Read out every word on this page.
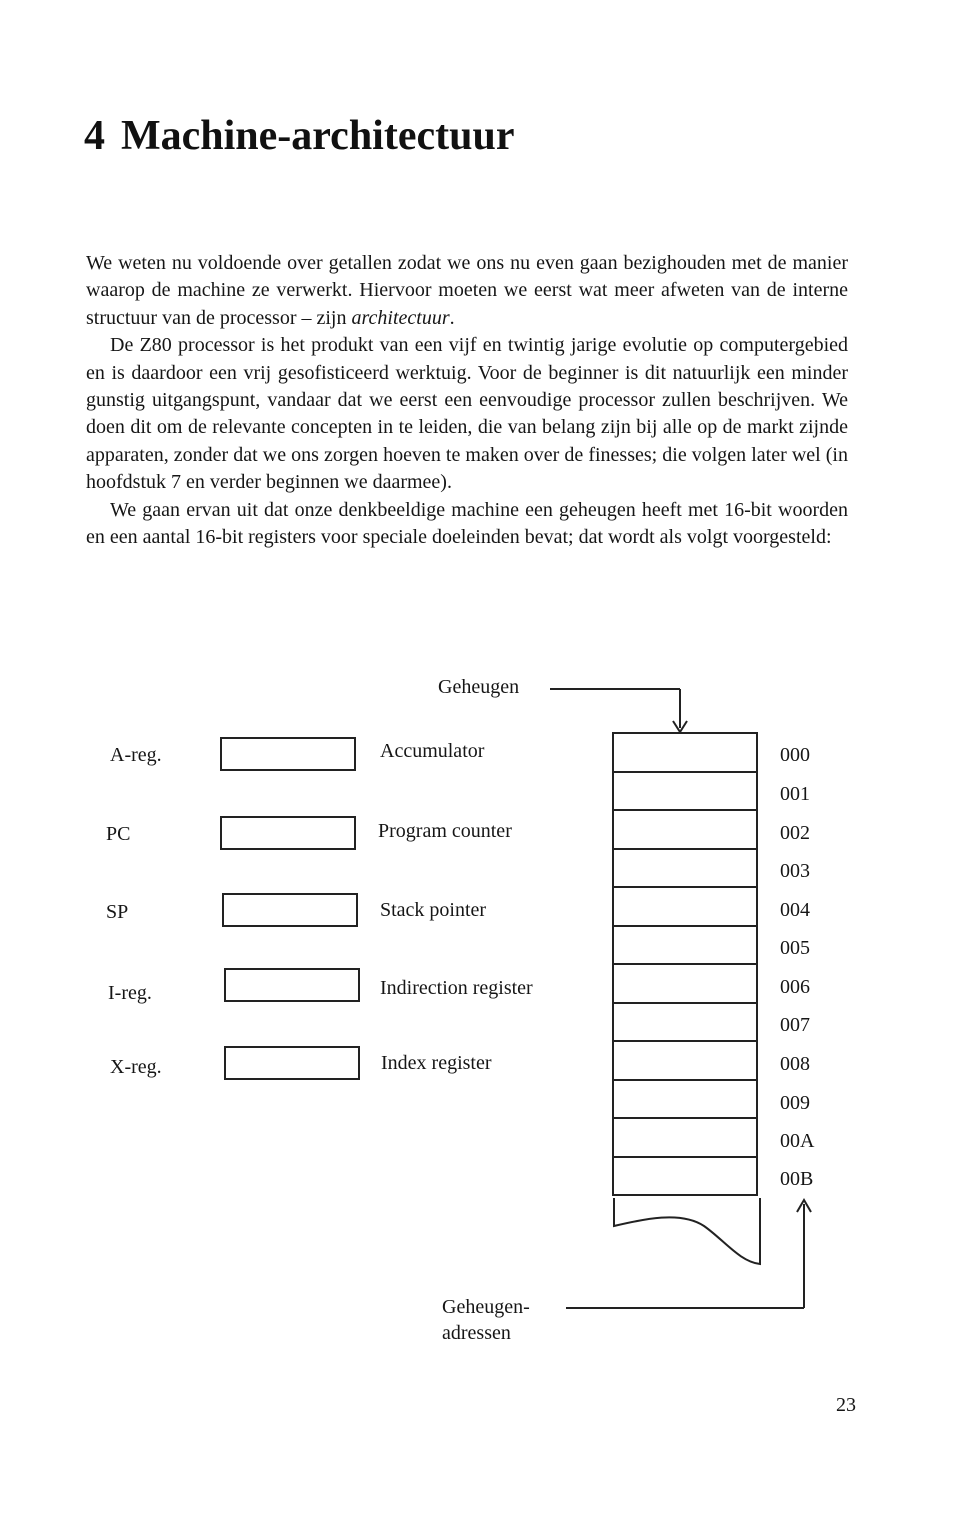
4 Machine-architectuur

We weten nu voldoende over getallen zodat we ons nu even gaan bezighouden met de manier waarop de machine ze verwerkt. Hiervoor moeten we eerst wat meer afweten van de interne structuur van de processor – zijn architectuur.

De Z80 processor is het produkt van een vijf en twintig jarige evolutie op computergebied en is daardoor een vrij gesofisticeerd werktuig. Voor de beginner is dit natuurlijk een minder gunstig uitgangspunt, vandaar dat we eerst een eenvoudige processor zullen beschrijven. We doen dit om de relevante concepten in te leiden, die van belang zijn bij alle op de markt zijnde apparaten, zonder dat we ons zorgen hoeven te maken over de finesses; die volgen later wel (in hoofdstuk 7 en verder beginnen we daarmee).

We gaan ervan uit dat onze denkbeeldige machine een geheugen heeft met 16-bit woorden en een aantal 16-bit registers voor speciale doeleinden bevat; dat wordt als volgt voorgesteld:

Geheugen
A-reg.	Accumulator
PC	Program counter
SP	Stack pointer
I-reg.	Indirection register
X-reg.	Index register
000
001
002
003
004
005
006
007
008
009
00A
00B
Geheugen-
adressen
23
